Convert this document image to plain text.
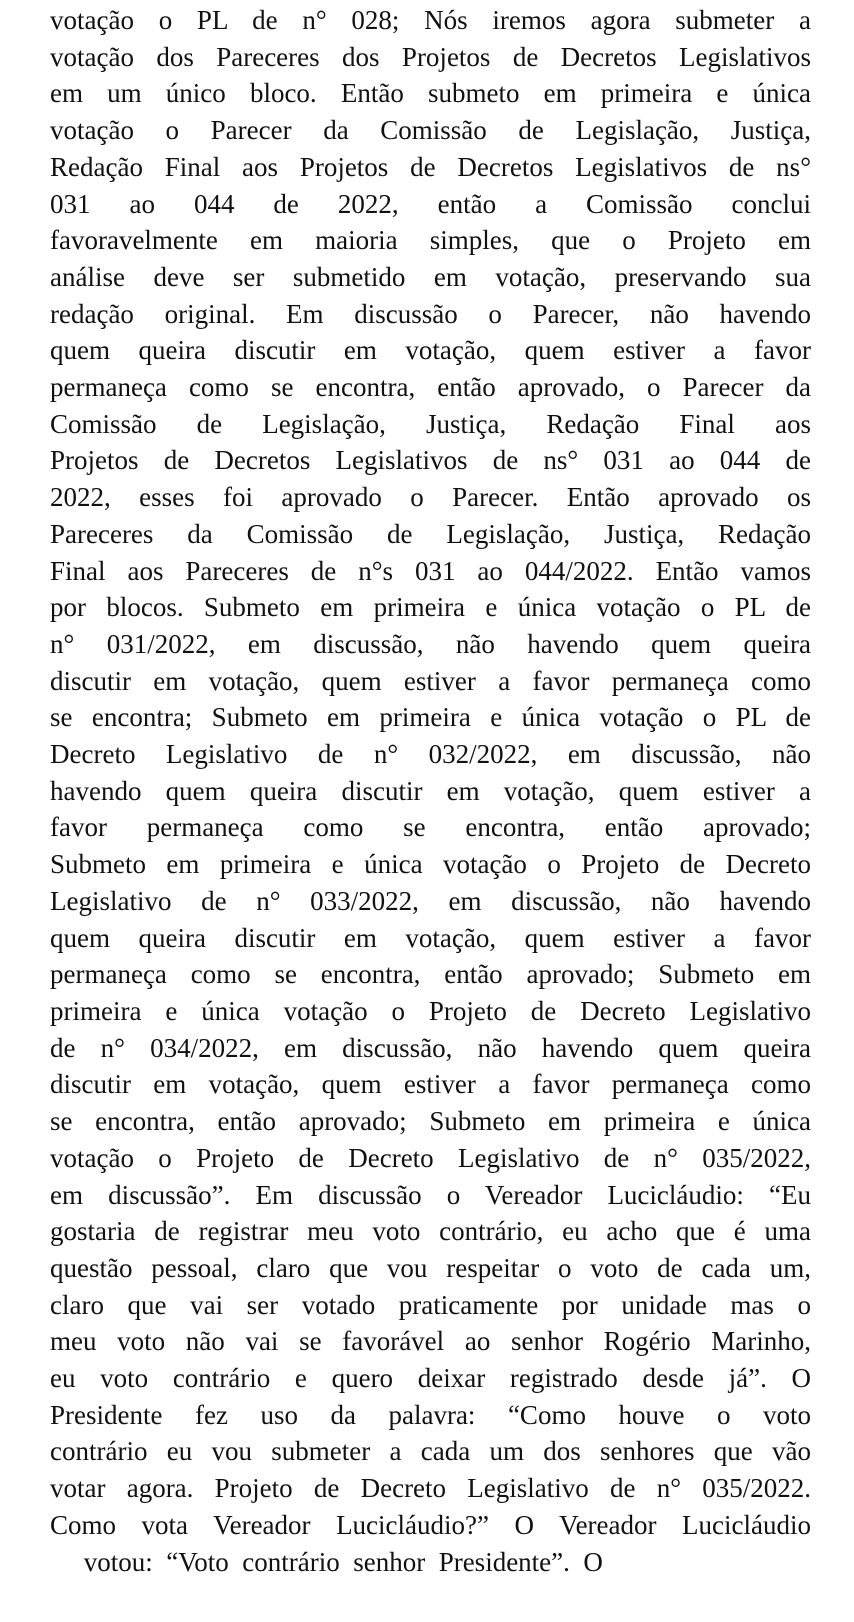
votação o PL de n° 028; Nós iremos agora submeter a
votação dos Pareceres dos Projetos de Decretos Legislativos
em um único bloco. Então submeto em primeira e única
votação o Parecer da Comissão de Legislação, Justiça,
Redação Final aos Projetos de Decretos Legislativos de ns°
031 ao 044 de 2022, então a Comissão conclui
favoravelmente em maioria simples, que o Projeto em
análise deve ser submetido em votação, preservando sua
redação original. Em discussão o Parecer, não havendo
quem queira discutir em votação, quem estiver a favor
permaneça como se encontra, então aprovado, o Parecer da
Comissão de Legislação, Justiça, Redação Final aos
Projetos de Decretos Legislativos de ns° 031 ao 044 de
2022, esses foi aprovado o Parecer. Então aprovado os
Pareceres da Comissão de Legislação, Justiça, Redação
Final aos Pareceres de n°s 031 ao 044/2022. Então vamos
por blocos. Submeto em primeira e única votação o PL de
n° 031/2022, em discussão, não havendo quem queira
discutir em votação, quem estiver a favor permaneça como
se encontra; Submeto em primeira e única votação o PL de
Decreto Legislativo de n° 032/2022, em discussão, não
havendo quem queira discutir em votação, quem estiver a
favor permaneça como se encontra, então aprovado;
Submeto em primeira e única votação o Projeto de Decreto
Legislativo de n° 033/2022, em discussão, não havendo
quem queira discutir em votação, quem estiver a favor
permaneça como se encontra, então aprovado; Submeto em
primeira e única votação o Projeto de Decreto Legislativo
de n° 034/2022, em discussão, não havendo quem queira
discutir em votação, quem estiver a favor permaneça como
se encontra, então aprovado; Submeto em primeira e única
votação o Projeto de Decreto Legislativo de n° 035/2022,
em discussão”. Em discussão o Vereador Lucicláudio: “Eu
gostaria de registrar meu voto contrário, eu acho que é uma
questão pessoal, claro que vou respeitar o voto de cada um,
claro que vai ser votado praticamente por unidade mas o
meu voto não vai se favorável ao senhor Rogério Marinho,
eu voto contrário e quero deixar registrado desde já”. O
Presidente fez uso da palavra: “Como houve o voto
contrário eu vou submeter a cada um dos senhores que vão
votar agora. Projeto de Decreto Legislativo de n° 035/2022.
Como vota Vereador Lucicláudio?” O Vereador Lucicláudio
votou:  “Voto  contrário  senhor  Presidente”.  O
